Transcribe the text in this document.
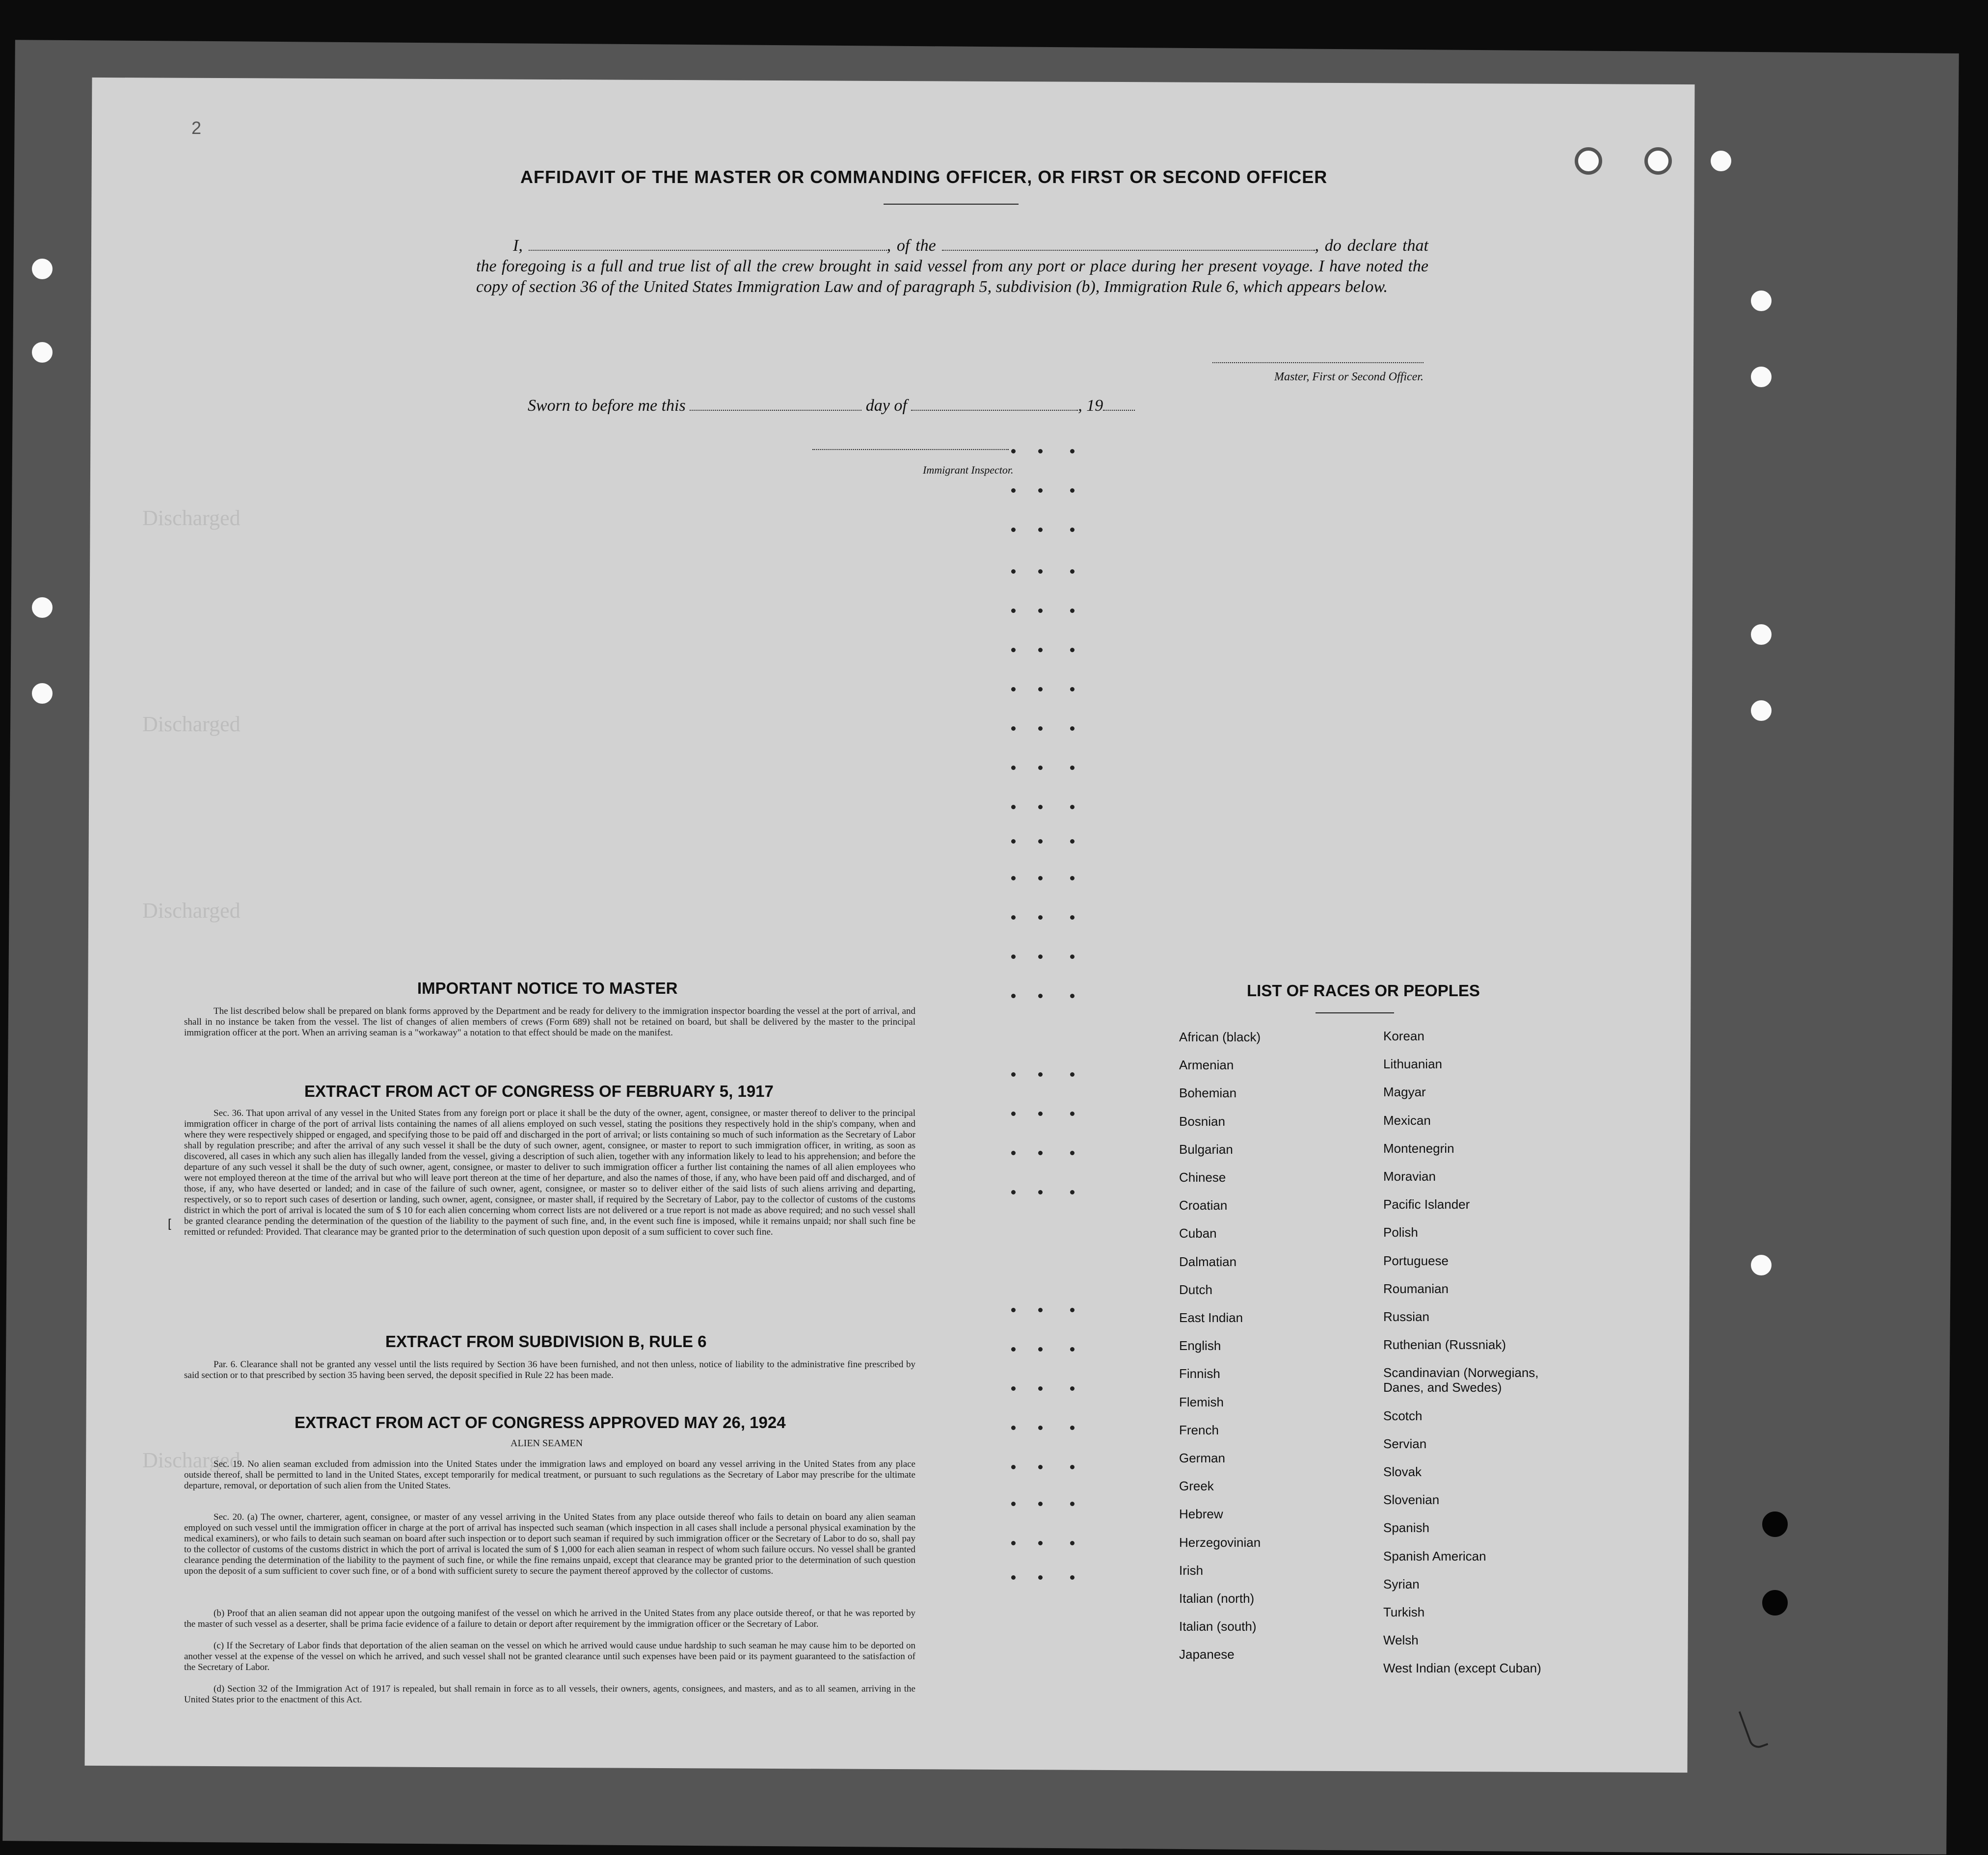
Discharged
Discharged
Discharged
Discharged
2
AFFIDAVIT OF THE MASTER OR COMMANDING OFFICER, OR FIRST OR SECOND OFFICER
I,	, of the	, do declare that the foregoing is a full and true list of all the crew brought in said vessel from any port or place during her present voyage. I have noted the copy of section 36 of the United States Immigration Law and of paragraph 5, subdivision (b), Immigration Rule 6, which appears below.
Master, First or Second Officer.
Sworn to before me this	day of	, 19
Immigrant Inspector.
IMPORTANT NOTICE TO MASTER
The list described below shall be prepared on blank forms approved by the Department and be ready for delivery to the immigration inspector boarding the vessel at the port of arrival, and shall in no instance be taken from the vessel. The list of changes of alien members of crews (Form 689) shall not be retained on board, but shall be delivered by the master to the principal immigration officer at the port. When an arriving seaman is a "workaway" a notation to that effect should be made on the manifest.
EXTRACT FROM ACT OF CONGRESS OF FEBRUARY 5, 1917
Sec. 36. That upon arrival of any vessel in the United States from any foreign port or place it shall be the duty of the owner, agent, consignee, or master thereof to deliver to the principal immigration officer in charge of the port of arrival lists containing the names of all aliens employed on such vessel, stating the positions they respectively hold in the ship's company, when and where they were respectively shipped or engaged, and specifying those to be paid off and discharged in the port of arrival; or lists containing so much of such information as the Secretary of Labor shall by regulation prescribe; and after the arrival of any such vessel it shall be the duty of such owner, agent, consignee, or master to report to such immigration officer, in writing, as soon as discovered, all cases in which any such alien has illegally landed from the vessel, giving a description of such alien, together with any information likely to lead to his apprehension; and before the departure of any such vessel it shall be the duty of such owner, agent, consignee, or master to deliver to such immigration officer a further list containing the names of all alien employees who were not employed thereon at the time of the arrival but who will leave port thereon at the time of her departure, and also the names of those, if any, who have been paid off and discharged, and of those, if any, who have deserted or landed; and in case of the failure of such owner, agent, consignee, or master so to deliver either of the said lists of such aliens arriving and departing, respectively, or so to report such cases of desertion or landing, such owner, agent, consignee, or master shall, if required by the Secretary of Labor, pay to the collector of customs of the customs district in which the port of arrival is located the sum of $ 10 for each alien concerning whom correct lists are not delivered or a true report is not made as above required; and no such vessel shall be granted clearance pending the determination of the question of the liability to the payment of such fine, and, in the event such fine is imposed, while it remains unpaid; nor shall such fine be remitted or refunded: Provided. That clearance may be granted prior to the determination of such question upon deposit of a sum sufficient to cover such fine.
[
EXTRACT FROM SUBDIVISION B, RULE 6
Par. 6. Clearance shall not be granted any vessel until the lists required by Section 36 have been furnished, and not then unless, notice of liability to the administrative fine prescribed by said section or to that prescribed by section 35 having been served, the deposit specified in Rule 22 has been made.
EXTRACT FROM ACT OF CONGRESS APPROVED MAY 26, 1924
ALIEN SEAMEN
Sec. 19. No alien seaman excluded from admission into the United States under the immigration laws and employed on board any vessel arriving in the United States from any place outside thereof, shall be permitted to land in the United States, except temporarily for medical treatment, or pursuant to such regulations as the Secretary of Labor may prescribe for the ultimate departure, removal, or deportation of such alien from the United States.
Sec. 20. (a) The owner, charterer, agent, consignee, or master of any vessel arriving in the United States from any place outside thereof who fails to detain on board any alien seaman employed on such vessel until the immigration officer in charge at the port of arrival has inspected such seaman (which inspection in all cases shall include a personal physical examination by the medical examiners), or who fails to detain such seaman on board after such inspection or to deport such seaman if required by such immigration officer or the Secretary of Labor to do so, shall pay to the collector of customs of the customs district in which the port of arrival is located the sum of $ 1,000 for each alien seaman in respect of whom such failure occurs. No vessel shall be granted clearance pending the determination of the liability to the payment of such fine, or while the fine remains unpaid, except that clearance may be granted prior to the determination of such question upon the deposit of a sum sufficient to cover such fine, or of a bond with sufficient surety to secure the payment thereof approved by the collector of customs.
(b) Proof that an alien seaman did not appear upon the outgoing manifest of the vessel on which he arrived in the United States from any place outside thereof, or that he was reported by the master of such vessel as a deserter, shall be prima facie evidence of a failure to detain or deport after requirement by the immigration officer or the Secretary of Labor.
(c) If the Secretary of Labor finds that deportation of the alien seaman on the vessel on which he arrived would cause undue hardship to such seaman he may cause him to be deported on another vessel at the expense of the vessel on which he arrived, and such vessel shall not be granted clearance until such expenses have been paid or its payment guaranteed to the satisfaction of the Secretary of Labor.
(d) Section 32 of the Immigration Act of 1917 is repealed, but shall remain in force as to all vessels, their owners, agents, consignees, and masters, and as to all seamen, arriving in the United States prior to the enactment of this Act.
LIST OF RACES OR PEOPLES
African (black)
Armenian
Bohemian
Bosnian
Bulgarian
Chinese
Croatian
Cuban
Dalmatian
Dutch
East Indian
English
Finnish
Flemish
French
German
Greek
Hebrew
Herzegovinian
Irish
Italian (north)
Italian (south)
Japanese
Korean
Lithuanian
Magyar
Mexican
Montenegrin
Moravian
Pacific Islander
Polish
Portuguese
Roumanian
Russian
Ruthenian (Russniak)
Scandinavian (Norwegians,
Danes, and Swedes)
Scotch
Servian
Slovak
Slovenian
Spanish
Spanish American
Syrian
Turkish
Welsh
West Indian (except Cuban)
